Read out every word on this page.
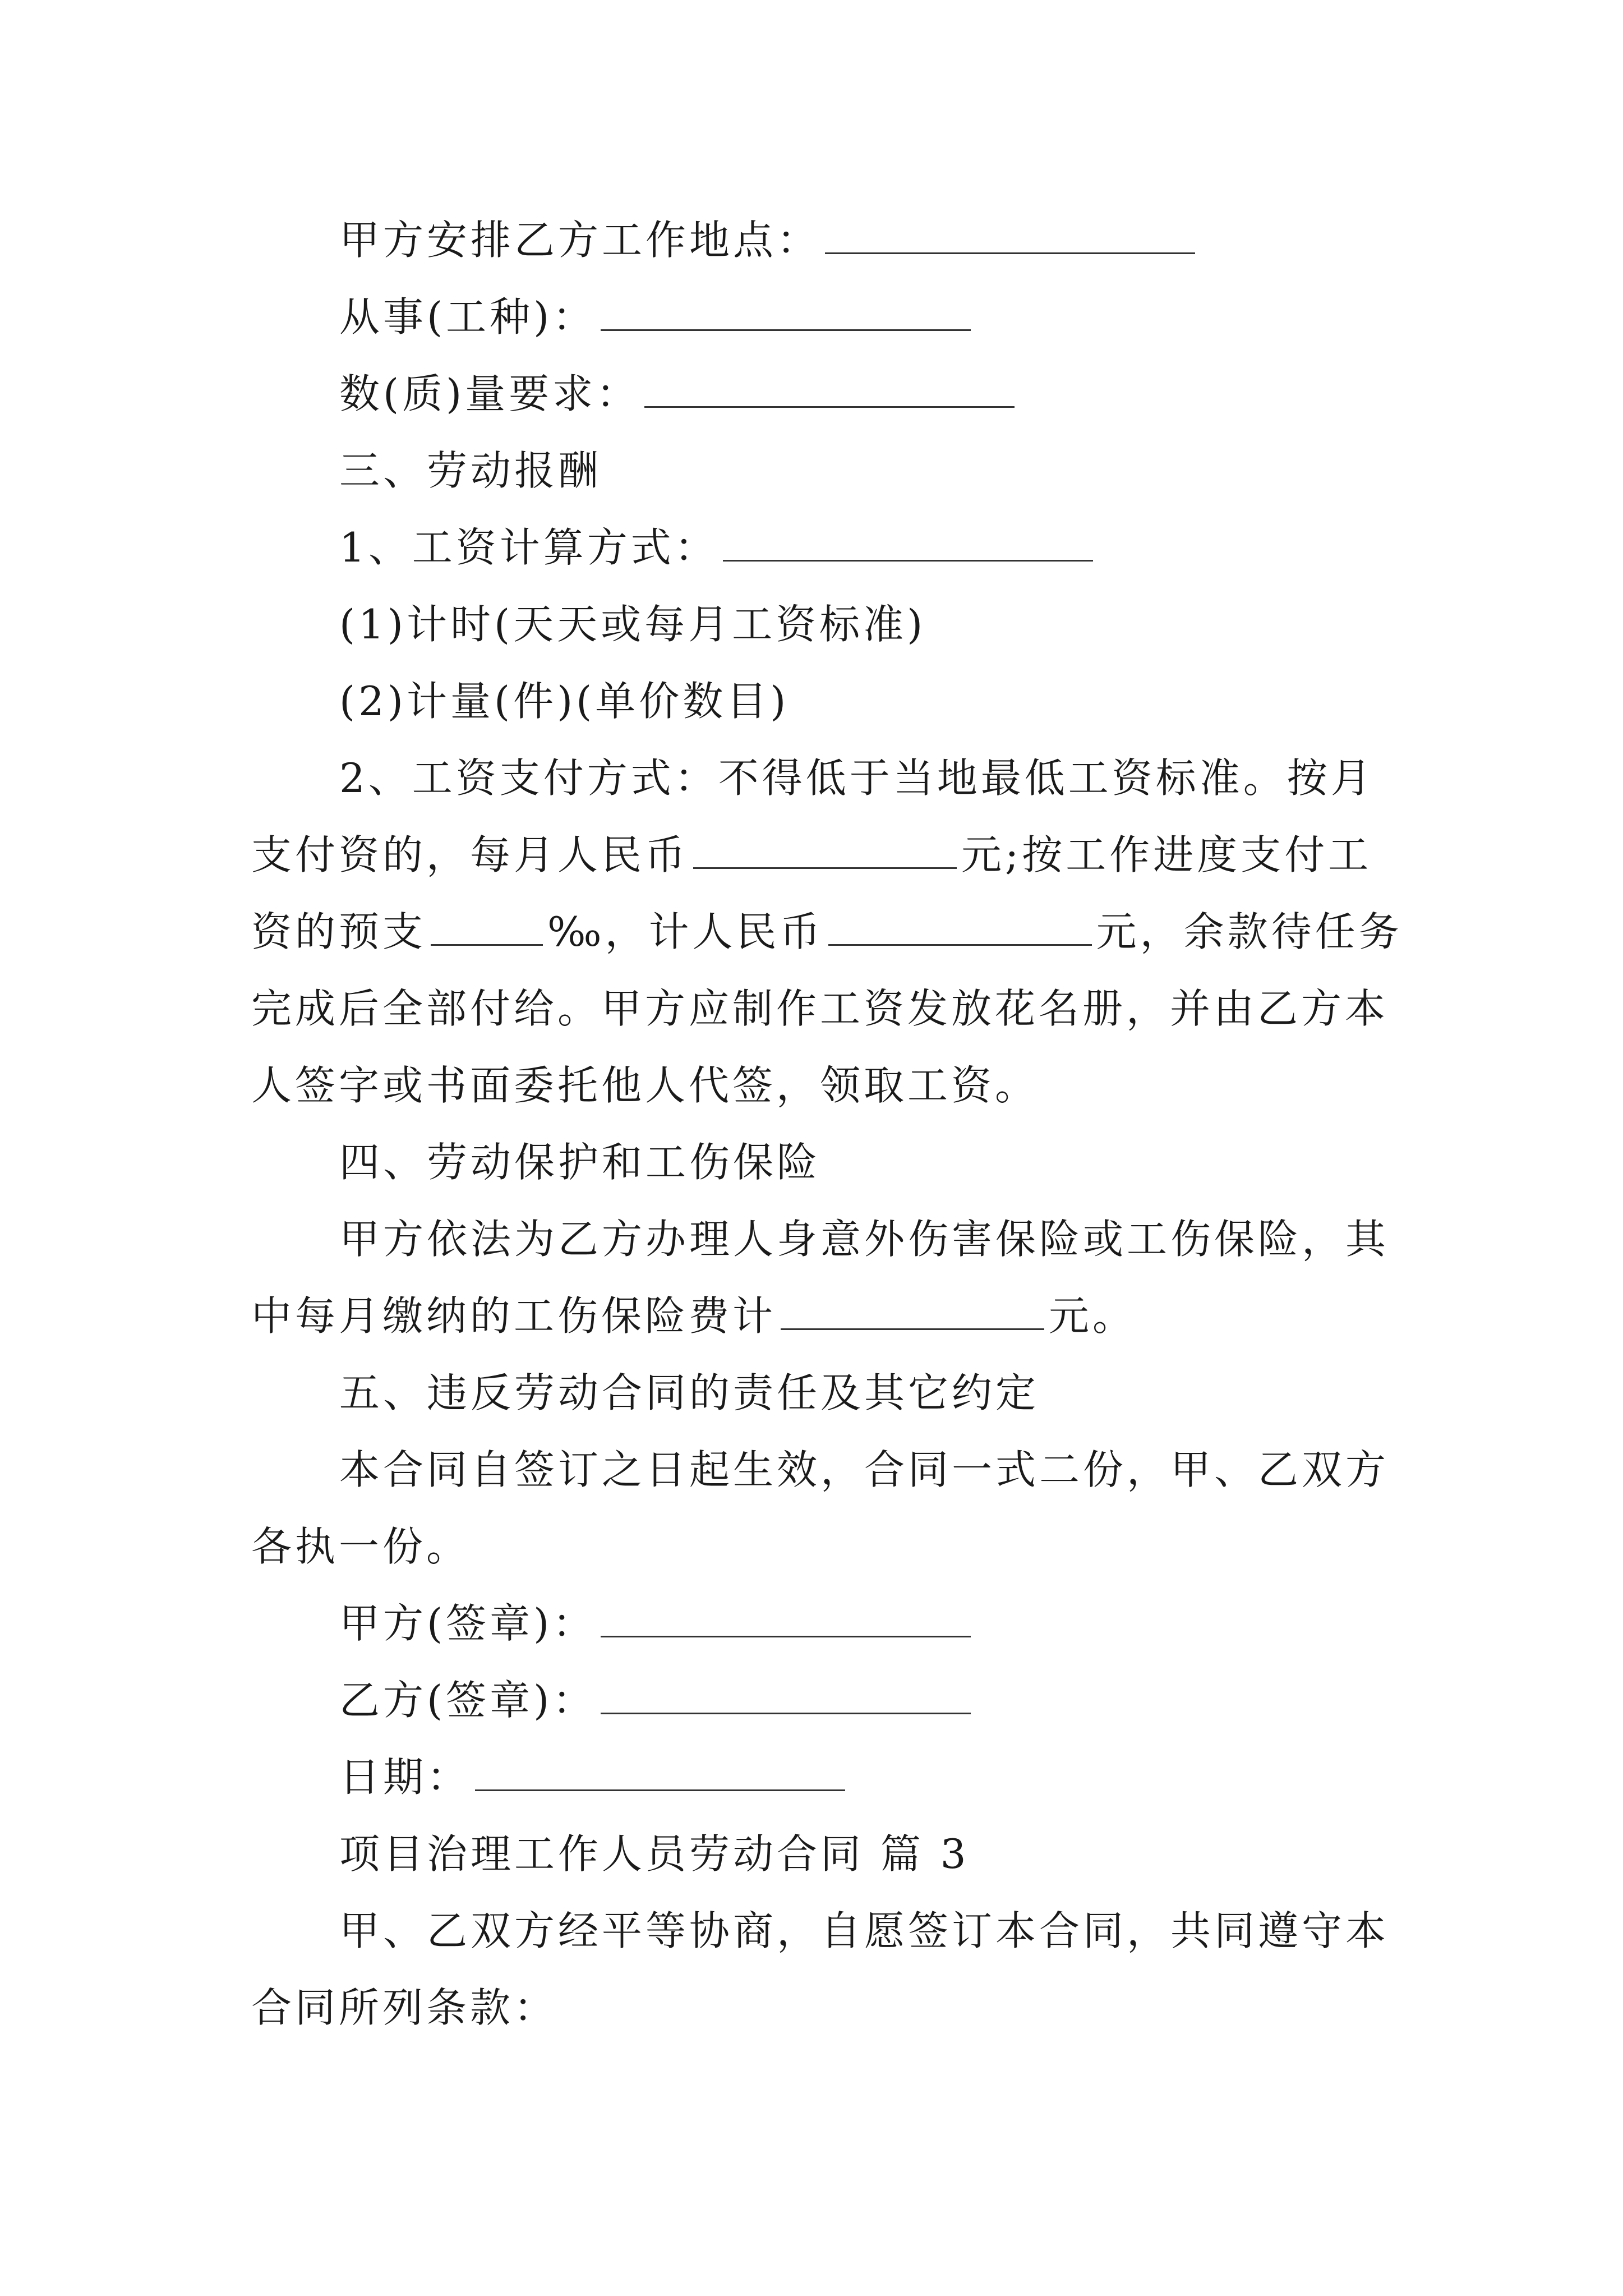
甲方安排乙方工作地点：
从事(工种)：
数(质)量要求：
三、劳动报酬
1、工资计算方式：
(1)计时(天天或每月工资标准)
(2)计量(件)(单价数目)
2、工资支付方式：不得低于当地最低工资标准。按月
支付资的，每月人民币	元;按工作进度支付工
资的预支	‰，计人民币	元，余款待任务
完成后全部付给。甲方应制作工资发放花名册，并由乙方本
人签字或书面委托他人代签，领取工资。
四、劳动保护和工伤保险
甲方依法为乙方办理人身意外伤害保险或工伤保险，其
中每月缴纳的工伤保险费计	元。
五、违反劳动合同的责任及其它约定
本合同自签订之日起生效，合同一式二份，甲、乙双方
各执一份。
甲方(签章)：
乙方(签章)：
日期：
项目治理工作人员劳动合同 篇 3
甲、乙双方经平等协商，自愿签订本合同，共同遵守本
合同所列条款：
